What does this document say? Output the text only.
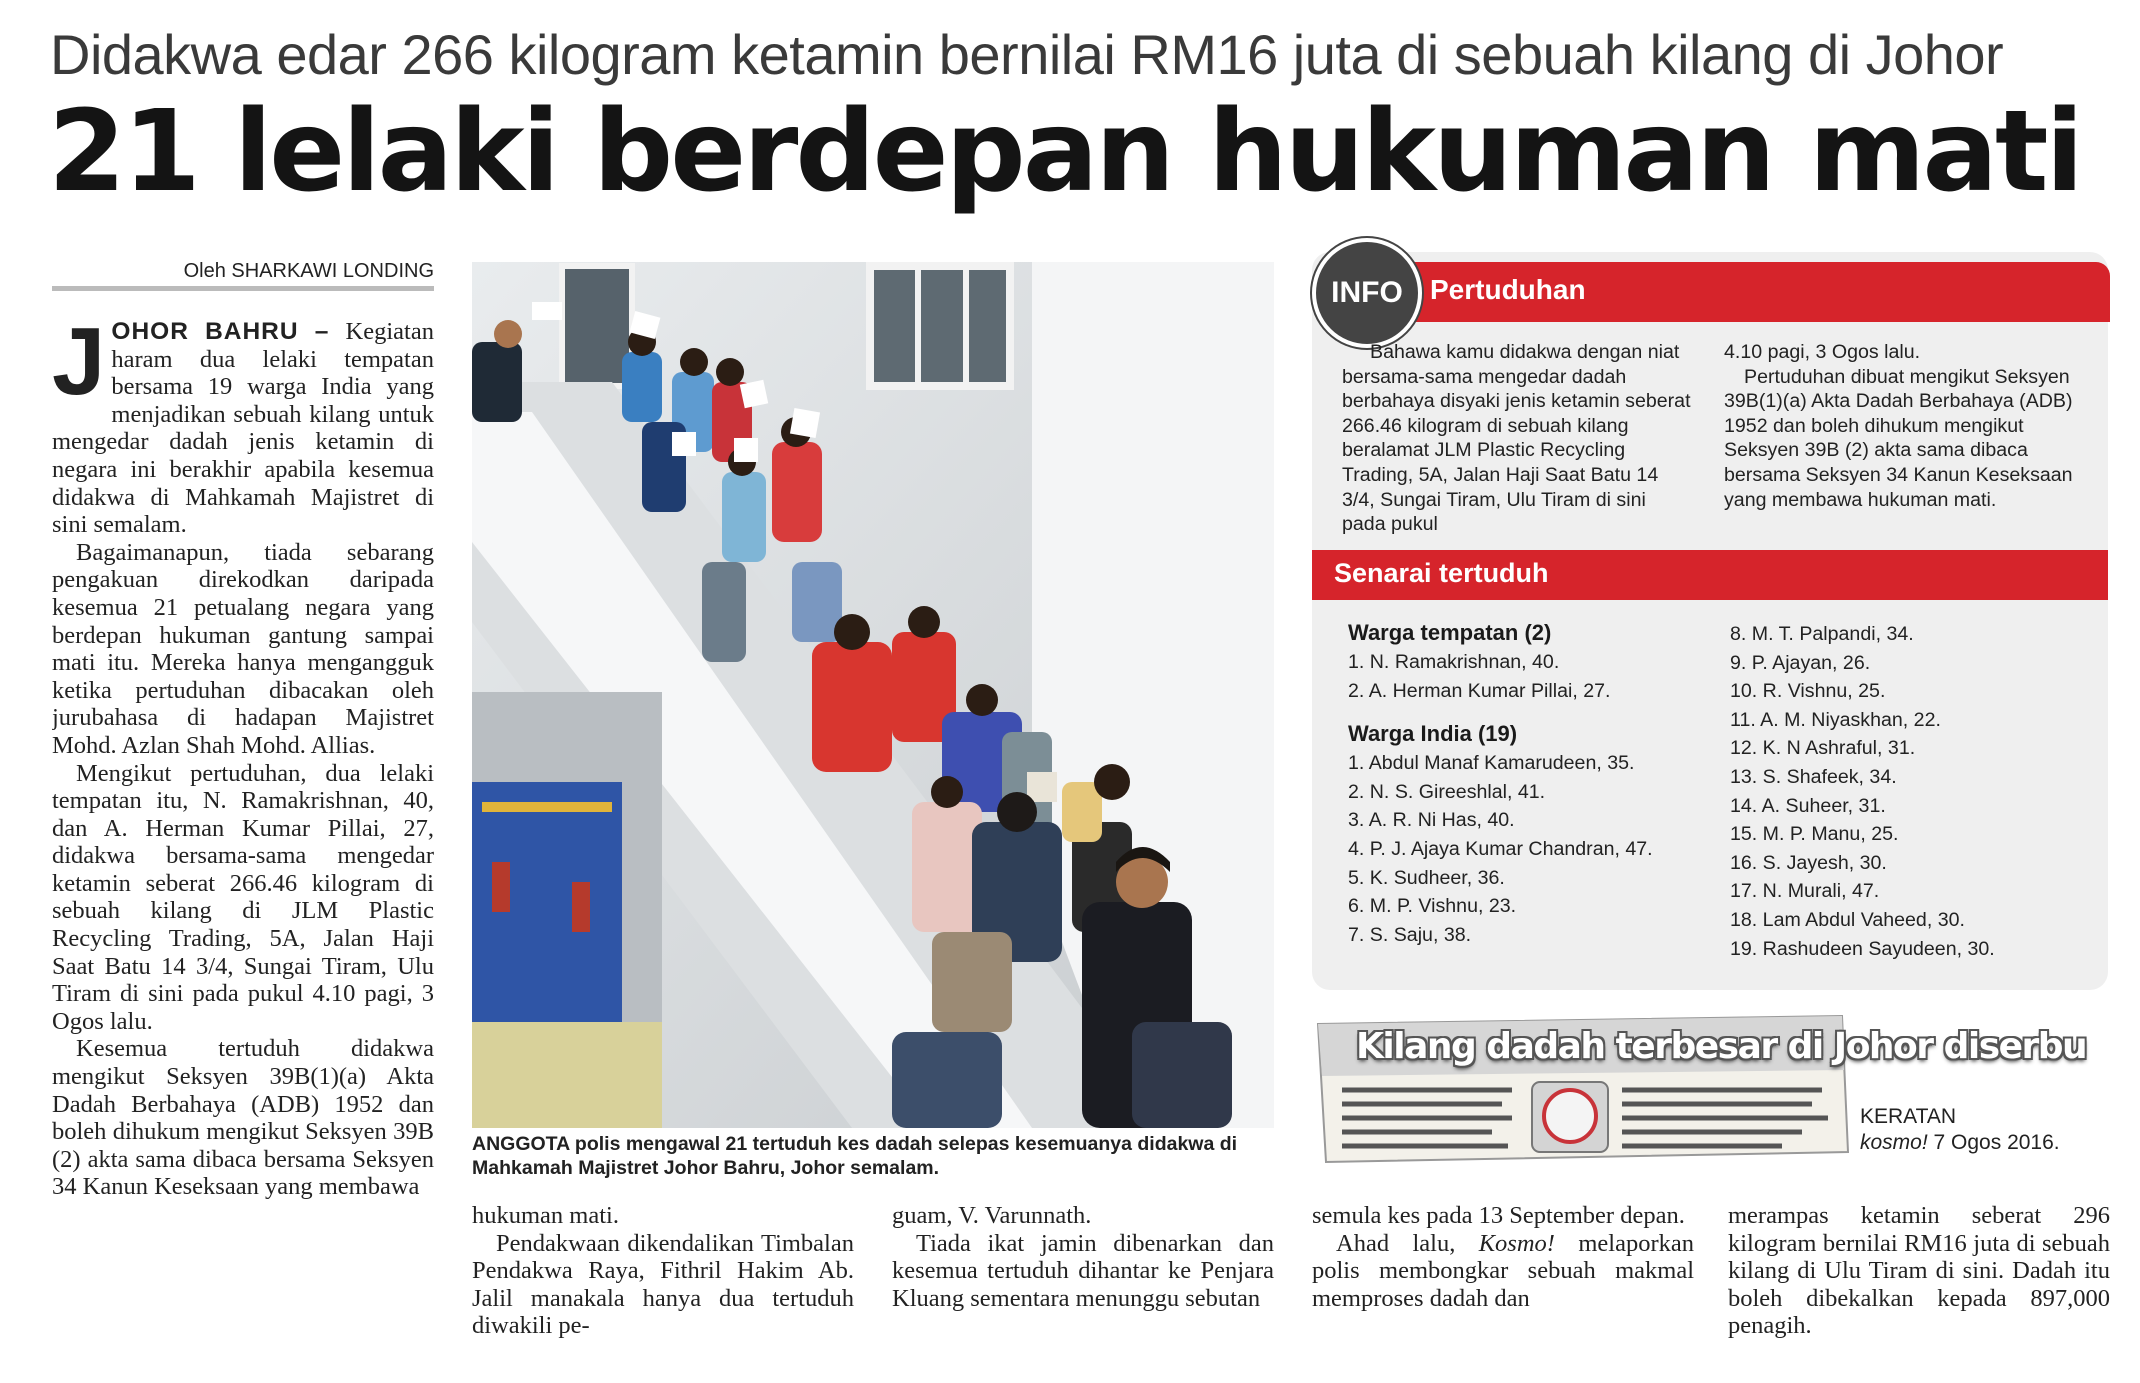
Didakwa edar 266 kilogram ketamin bernilai RM16 juta di sebuah kilang di Johor
21 lelaki berdepan hukuman mati
Oleh SHARKAWI LONDING

JOHOR BAHRU – Kegiatan haram dua lelaki tempatan bersama 19 warga India yang menjadikan sebuah kilang untuk mengedar dadah jenis ketamin di negara ini berakhir apabila kesemua didakwa di Mahkamah Majistret di sini semalam.

Bagaimanapun, tiada sebarang pengakuan direkodkan daripada kesemua 21 petualang negara yang berdepan hukuman gantung sampai mati itu. Mereka hanya mengangguk ketika pertuduhan dibacakan oleh jurubahasa di hadapan Majistret Mohd. Azlan Shah Mohd. Allias.

Mengikut pertuduhan, dua lelaki tempatan itu, N. Ramakrishnan, 40, dan A. Herman Kumar Pillai, 27, didakwa bersama-sama mengedar ketamin seberat 266.46 kilogram di sebuah kilang di JLM Plastic Recycling Trading, 5A, Jalan Haji Saat Batu 14 3/4, Sungai Tiram, Ulu Tiram di sini pada pukul 4.10 pagi, 3 Ogos lalu.

Kesemua tertuduh didakwa mengikut Seksyen 39B(1)(a) Akta Dadah Berbahaya (ADB) 1952 dan boleh dihukum mengikut Seksyen 39B (2) akta sama dibaca bersama Seksyen 34 Kanun Keseksaan yang membawa

ANGGOTA polis mengawal 21 tertuduh kes dadah selepas kesemuanya didakwa di Mahkamah Majistret Johor Bahru, Johor semalam.

hukuman mati.

Pendakwaan dikendalikan Timbalan Pendakwa Raya, Fithril Hakim Ab. Jalil manakala hanya dua tertuduh diwakili pe-

guam, V. Varunnath.

Tiada ikat jamin dibenarkan dan kesemua tertuduh dihantar ke Penjara Kluang sementara menunggu sebutan

semula kes pada 13 September depan.

Ahad lalu, Kosmo! melaporkan polis membongkar sebuah makmal memproses dadah dan

merampas ketamin seberat 296 kilogram bernilai RM16 juta di sebuah kilang di Ulu Tiram di sini. Dadah itu boleh dibekalkan kepada 897,000 penagih.

Pertuduhan
INFO

Bahawa kamu didakwa dengan niat bersama-sama mengedar dadah berbahaya disyaki jenis ketamin seberat 266.46 kilogram di sebuah kilang beralamat JLM Plastic Recycling Trading, 5A, Jalan Haji Saat Batu 14 3/4, Sungai Tiram, Ulu Tiram di sini pada pukul

4.10 pagi, 3 Ogos lalu.

Pertuduhan dibuat mengikut Seksyen 39B(1)(a) Akta Dadah Berbahaya (ADB) 1952 dan boleh dihukum mengikut Seksyen 39B (2) akta sama dibaca bersama Seksyen 34 Kanun Keseksaan yang membawa hukuman mati.

Senarai tertuduh
Warga tempatan (2)
1. N. Ramakrishnan, 40.
2. A. Herman Kumar Pillai, 27.
Warga India (19)
1. Abdul Manaf Kamarudeen, 35.
2. N. S. Gireeshlal, 41.
3. A. R. Ni Has, 40.
4. P. J. Ajaya Kumar Chandran, 47.
5. K. Sudheer, 36.
6. M. P. Vishnu, 23.
7. S. Saju, 38.
8. M. T. Palpandi, 34.
9. P. Ajayan, 26.
10. R. Vishnu, 25.
11. A. M. Niyaskhan, 22.
12. K. N Ashraful, 31.
13. S. Shafeek, 34.
14. A. Suheer, 31.
15. M. P. Manu, 25.
16. S. Jayesh, 30.
17. N. Murali, 47.
18. Lam Abdul Vaheed, 30.
19. Rashudeen Sayudeen, 30.
Kilang dadah terbesar di Johor diserbu
KERATAN
kosmo! 7 Ogos 2016.
